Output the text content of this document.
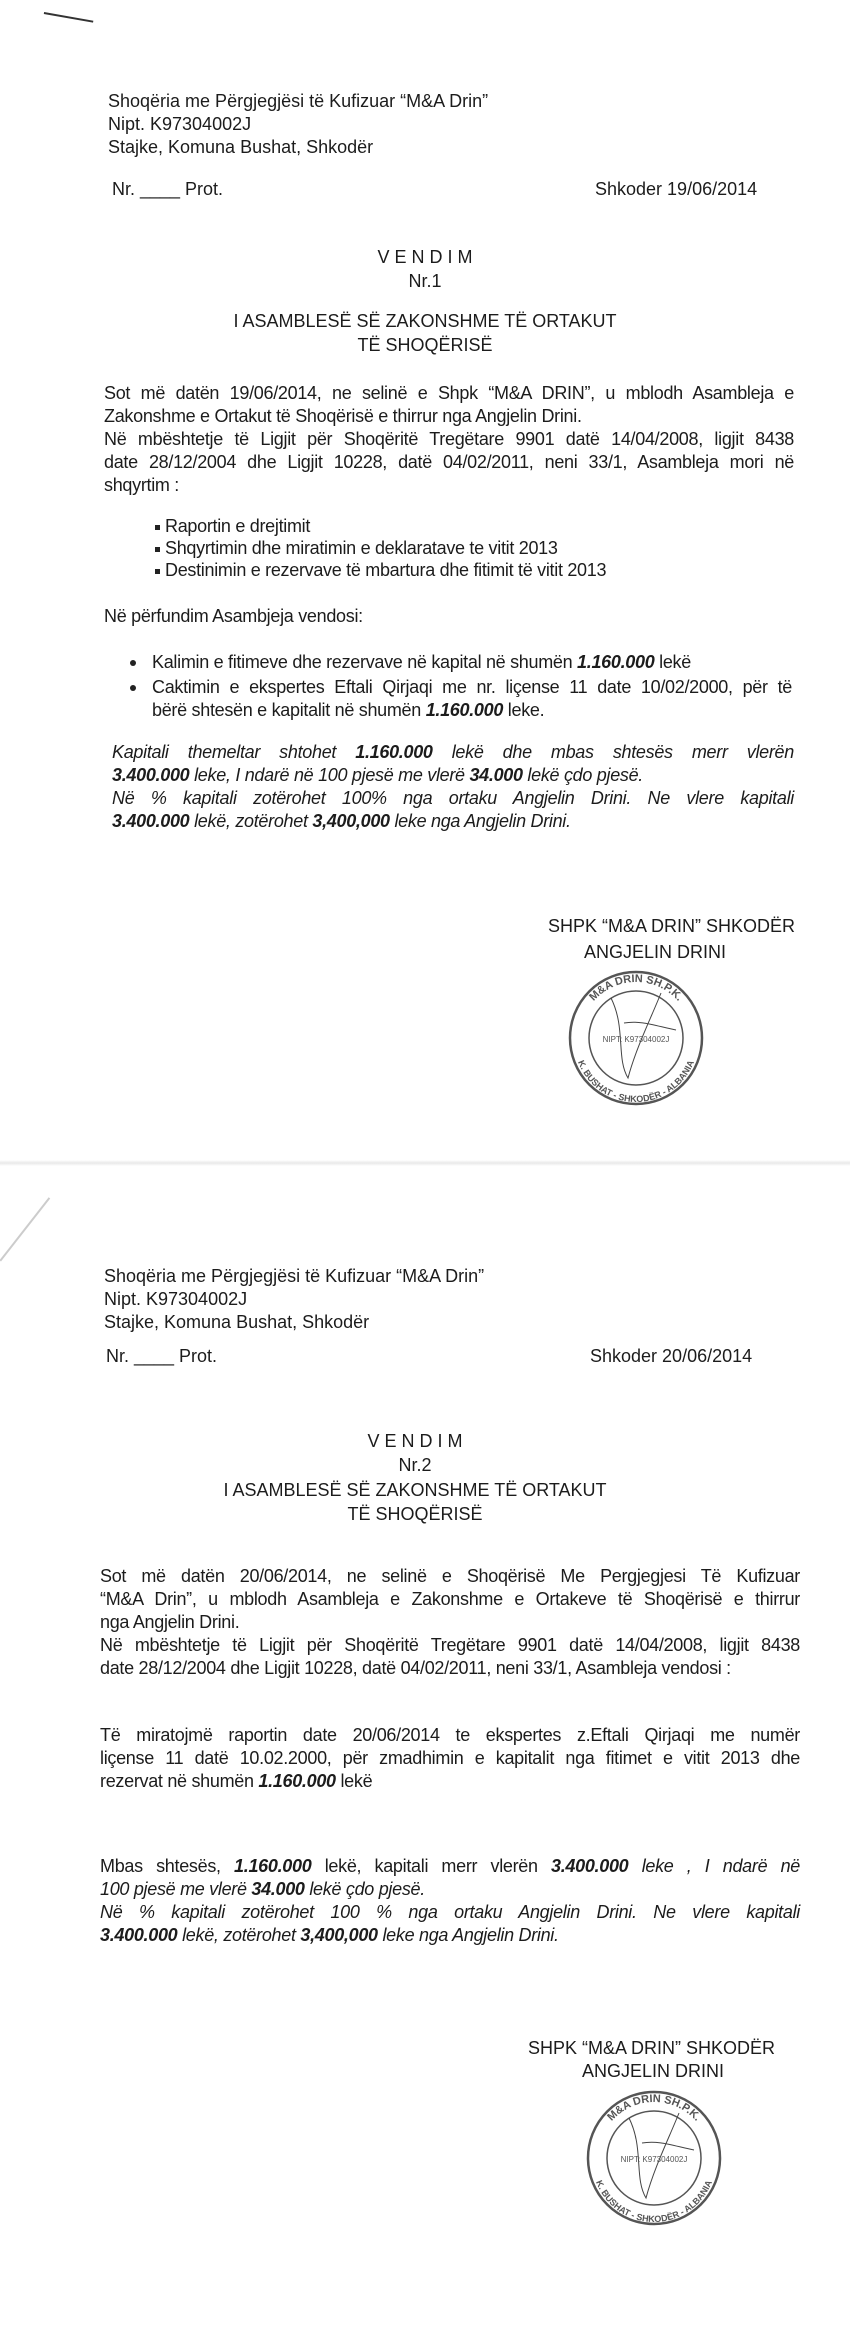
Shoqëria me Përgjegjësi të Kufizuar “M&A Drin”
Nipt. K97304002J
Stajke, Komuna Bushat, Shkodër
Nr. ____ Prot.	Shkoder 19/06/2014
V E N D I M
Nr.1
I ASAMBLESË SË ZAKONSHME TË ORTAKUT
TË SHOQËRISË
Sot më datën 19/06/2014, ne selinë e Shpk “M&A DRIN”, u mblodh Asambleja e
Zakonshme e Ortakut të Shoqërisë e thirrur nga Angjelin Drini.
Në mbështetje të Ligjit për Shoqëritë Tregëtare 9901 datë 14/04/2008, ligjit 8438
date 28/12/2004 dhe Ligjit 10228, datë 04/02/2011, neni 33/1, Asambleja mori në
shqyrtim :
Raportin e drejtimit
Shqyrtimin dhe miratimin e deklaratave te vitit 2013
Destinimin e rezervave të mbartura dhe fitimit të vitit 2013
Në përfundim Asambjeja vendosi:
Kalimin e fitimeve dhe rezervave në kapital në shumën 1.160.000 lekë
Caktimin e ekspertes Eftali Qirjaqi me nr. liçense 11 date 10/02/2000, për të
bërë shtesën e kapitalit në shumën 1.160.000 leke.
Kapitali themeltar shtohet 1.160.000 lekë dhe mbas shtesës merr vlerën
3.400.000 leke, I ndarë në 100 pjesë me vlerë 34.000 lekë çdo pjesë.
Në % kapitali zotërohet 100% nga ortaku Angjelin Drini. Ne vlere kapitali
3.400.000 lekë, zotërohet 3,400,000 leke nga Angjelin Drini.
SHPK “M&A DRIN” SHKODËR
ANGJELIN DRINI
M&A DRIN SH.P.K.
K. BUSHAT - SHKODËR - ALBANIA
NIPT: K97304002J
Shoqëria me Përgjegjësi të Kufizuar “M&A Drin”
Nipt. K97304002J
Stajke, Komuna Bushat, Shkodër
Nr. ____ Prot.	Shkoder 20/06/2014
V E N D I M
Nr.2
I ASAMBLESË SË ZAKONSHME TË ORTAKUT
TË SHOQËRISË
Sot më datën 20/06/2014, ne selinë e Shoqërisë Me Pergjegjesi Të Kufizuar
“M&A Drin”, u mblodh Asambleja e Zakonshme e Ortakeve të Shoqërisë e thirrur
nga Angjelin Drini.
Në mbështetje të Ligjit për Shoqëritë Tregëtare 9901 datë 14/04/2008, ligjit 8438
date 28/12/2004 dhe Ligjit 10228, datë 04/02/2011, neni 33/1, Asambleja vendosi :
Të miratojmë raportin date 20/06/2014 te ekspertes z.Eftali Qirjaqi me numër
liçense 11 datë 10.02.2000, për zmadhimin e kapitalit nga fitimet e vitit 2013 dhe
rezervat në shumën 1.160.000 lekë
Mbas shtesës, 1.160.000 lekë, kapitali merr vlerën 3.400.000 leke , I ndarë në
100 pjesë me vlerë 34.000 lekë çdo pjesë.
Në % kapitali zotërohet 100 % nga ortaku Angjelin Drini. Ne vlere kapitali
3.400.000 lekë, zotërohet 3,400,000 leke nga Angjelin Drini.
SHPK “M&A DRIN” SHKODËR
ANGJELIN DRINI
M&A DRIN SH.P.K.
K. BUSHAT - SHKODËR - ALBANIA
NIPT: K97304002J
